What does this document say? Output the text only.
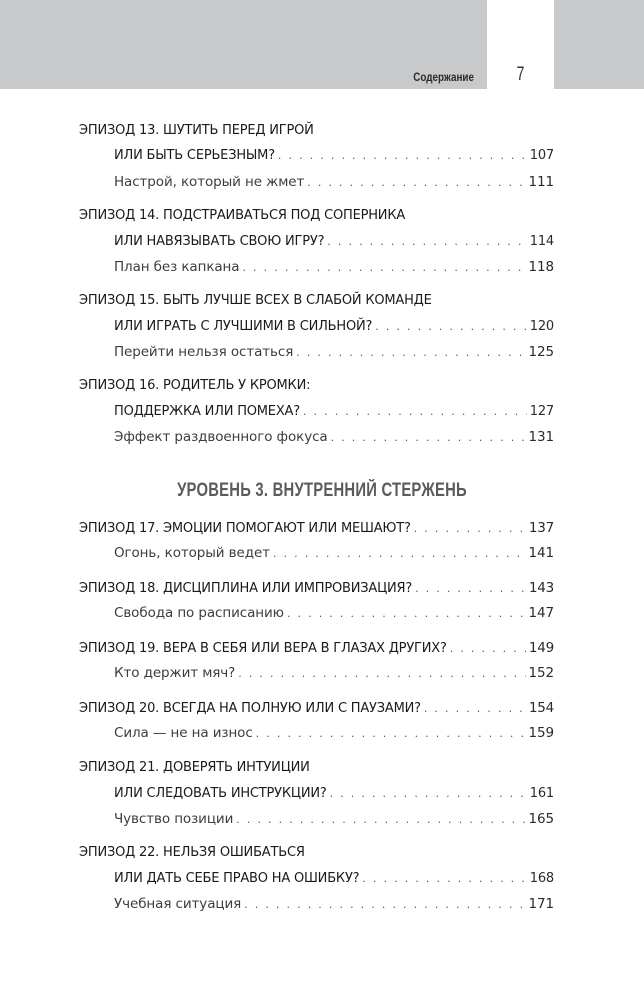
Содержание	7
ЭПИЗОД 13. ШУТИТЬ ПЕРЕД ИГРОЙ
ИЛИ БЫТЬ СЕРЬЕЗНЫМ? . . .	107
Настрой, который не жмет . . .	111
ЭПИЗОД 14. ПОДСТРАИВАТЬСЯ ПОД СОПЕРНИКА
ИЛИ НАВЯЗЫВАТЬ СВОЮ ИГРУ? . . .	114
План без капкана . . .	118
ЭПИЗОД 15. БЫТЬ ЛУЧШЕ ВСЕХ В СЛАБОЙ КОМАНДЕ
ИЛИ ИГРАТЬ С ЛУЧШИМИ В СИЛЬНОЙ? . . .	120
Перейти нельзя остаться . . .	125
ЭПИЗОД 16. РОДИТЕЛЬ У КРОМКИ:
ПОДДЕРЖКА ИЛИ ПОМЕХА? . . .	127
Эффект раздвоенного фокуса . . .	131
ЭПИЗОД 17. ЭМОЦИИ ПОМОГАЮТ ИЛИ МЕШАЮТ? . . .	137
Огонь, который ведет . . .	141
ЭПИЗОД 18. ДИСЦИПЛИНА ИЛИ ИМПРОВИЗАЦИЯ? . . .	143
Свобода по расписанию . . .	147
ЭПИЗОД 19. ВЕРА В СЕБЯ ИЛИ ВЕРА В ГЛАЗАХ ДРУГИХ? . . .	149
Кто держит мяч? . . .	152
ЭПИЗОД 20. ВСЕГДА НА ПОЛНУЮ ИЛИ С ПАУЗАМИ? . . .	154
Сила — не на износ . . .	159
ЭПИЗОД 21. ДОВЕРЯТЬ ИНТУИЦИИ
ИЛИ СЛЕДОВАТЬ ИНСТРУКЦИИ? . . .	161
Чувство позиции . . .	165
ЭПИЗОД 22. НЕЛЬЗЯ ОШИБАТЬСЯ
ИЛИ ДАТЬ СЕБЕ ПРАВО НА ОШИБКУ? . . .	168
Учебная ситуация . . .	171
УРОВЕНЬ 3. ВНУТРЕННИЙ СТЕРЖЕНЬ
